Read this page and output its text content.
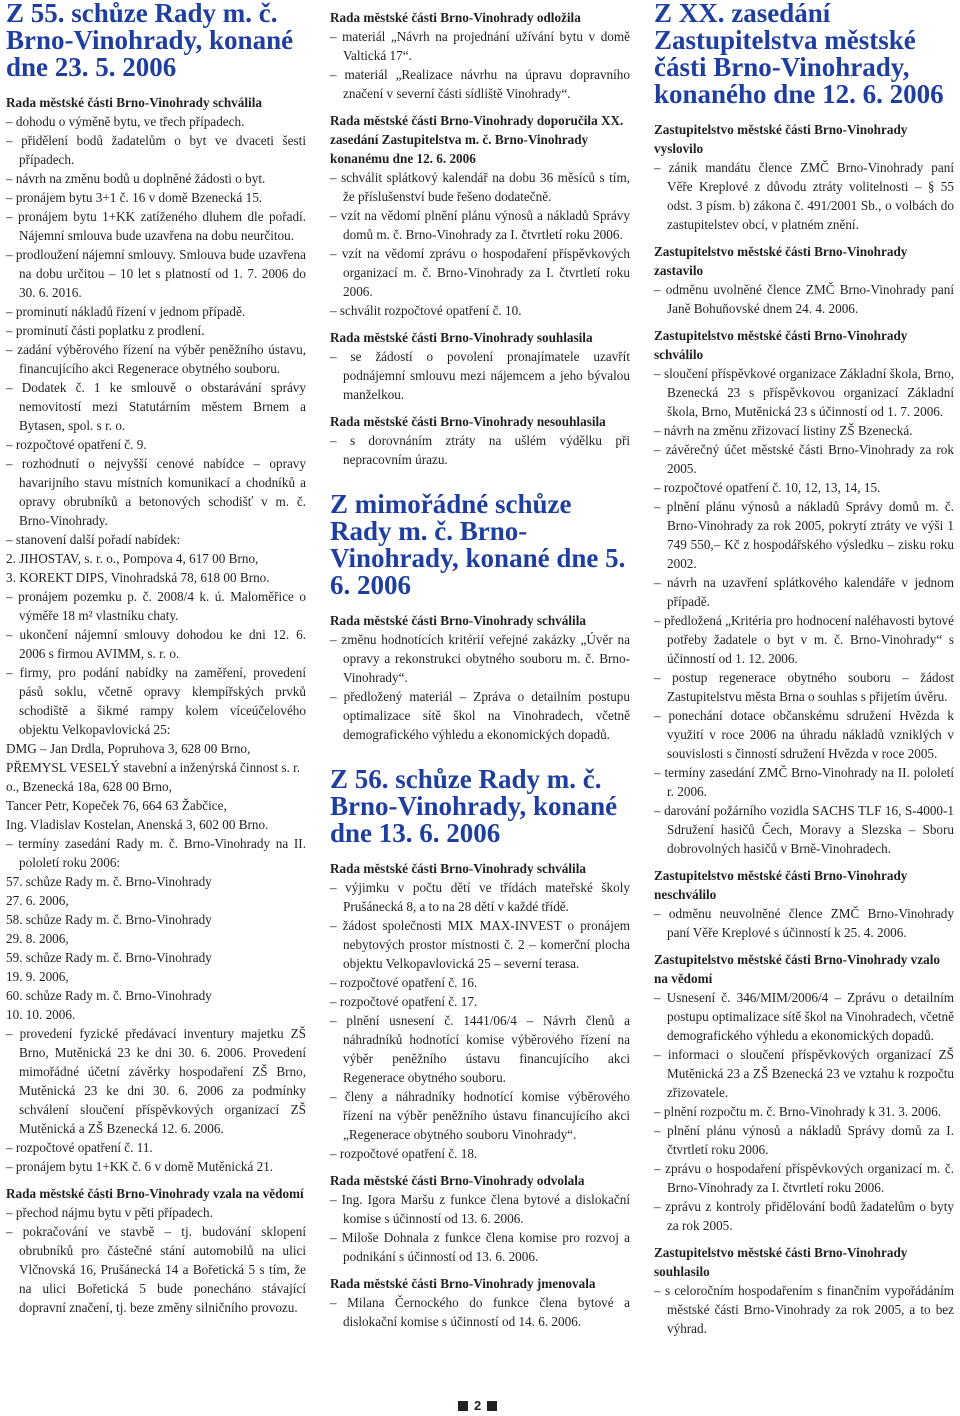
Z 55. schůze Rady m. č. Brno-Vinohrady, konané dne 23. 5. 2006
Rada městské části Brno-Vinohrady schválila
– dohodu o výměně bytu, ve třech případech.
– přidělení bodů žadatelům o byt ve dvaceti šesti případech.
– návrh na změnu bodů u doplněné žádosti o byt.
– pronájem bytu 3+1 č. 16 v domě Bzenecká 15.
– pronájem bytu 1+KK zatíženého dluhem dle pořadí. Nájemní smlouva bude uzavřena na dobu neurčitou.
– prodloužení nájemní smlouvy. Smlouva bude uzavřena na dobu určitou – 10 let s platností od 1. 7. 2006 do 30. 6. 2016.
– prominutí nákladů řízení v jednom případě.
– prominutí části poplatku z prodlení.
– zadání výběrového řízení na výběr peněžního ústavu, financujícího akci Regenerace obytného souboru.
– Dodatek č. 1 ke smlouvě o obstarávání správy nemovitostí mezi Statutárním městem Brnem a Bytasen, spol. s r. o.
– rozpočtové opatření č. 9.
– rozhodnutí o nejvyšší cenové nabídce – opravy havarijního stavu místních komunikací a chodníků a opravy obrubníků a betonových schodišť v m. č. Brno-Vinohrady.
– stanovení další pořadí nabídek:
2. JIHOSTAV, s. r. o., Pompova 4, 617 00 Brno,
3. KOREKT DIPS, Vinohradská 78, 618 00 Brno.
– pronájem pozemku p. č. 2008/4 k. ú. Maloměřice o výměře 18 m² vlastníku chaty.
– ukončení nájemní smlouvy dohodou ke dni 12. 6. 2006 s firmou AVIMM, s. r. o.
– firmy, pro podání nabídky na zaměření, provedení pásů soklu, včetně opravy klempířských prvků schodiště a šikmé rampy kolem víceúčelového objektu Velkopavlovická 25:
DMG – Jan Drdla, Popruhova 3, 628 00 Brno,
PŘEMYSL VESELÝ stavební a inženýrská činnost s. r. o., Bzenecká 18a, 628 00 Brno,
Tancer Petr, Kopeček 76, 664 63 Žabčice,
Ing. Vladislav Kostelan, Anenská 3, 602 00 Brno.
– termíny zasedání Rady m. č. Brno-Vinohrady na II. pololetí roku 2006:
57. schůze Rady m. č. Brno-Vinohrady
27. 6. 2006,
58. schůze Rady m. č. Brno-Vinohrady
29. 8. 2006,
59. schůze Rady m. č. Brno-Vinohrady
19. 9. 2006,
60. schůze Rady m. č. Brno-Vinohrady
10. 10. 2006.
– provedení fyzické předávací inventury majetku ZŠ Brno, Mutěnická 23 ke dni 30. 6. 2006. Provedení mimořádné účetní závěrky hospodaření ZŠ Brno, Mutěnická 23 ke dni 30. 6. 2006 za podmínky schválení sloučení příspěvkových organizací ZŠ Mutěnická a ZŠ Bzenecká 12. 6. 2006.
– rozpočtové opatření č. 11.
– pronájem bytu 1+KK č. 6 v domě Mutěnická 21.
Rada městské části Brno-Vinohrady vzala na vědomí
– přechod nájmu bytu v pěti případech.
– pokračování ve stavbě – tj. budování sklopení obrubníků pro částečné stání automobilů na ulici Vlčnovská 16, Prušánecká 14 a Bořetická 5 s tím, že na ulici Bořetická 5 bude ponecháno stávající dopravní značení, tj. beze změny silničního provozu.
Rada městské části Brno-Vinohrady odložila
– materiál „Návrh na projednání užívání bytu v domě Valtická 17“.
– materiál „Realizace návrhu na úpravu dopravního značení v severní části sídliště Vinohrady“.
Rada městské části Brno-Vinohrady doporučila XX. zasedání Zastupitelstva m. č. Brno-Vinohrady konanému dne 12. 6. 2006
– schválit splátkový kalendář na dobu 36 měsíců s tím, že příslušenství bude řešeno dodatečně.
– vzít na vědomí plnění plánu výnosů a nákladů Správy domů m. č. Brno-Vinohrady za I. čtvrtletí roku 2006.
– vzít na vědomí zprávu o hospodaření příspěvkových organizací m. č. Brno-Vinohrady za I. čtvrtletí roku 2006.
– schválit rozpočtové opatření č. 10.
Rada městské části Brno-Vinohrady souhlasila
– se žádostí o povolení pronajímatele uzavřít podnájemní smlouvu mezi nájemcem a jeho bývalou manželkou.
Rada městské části Brno-Vinohrady nesouhlasila
– s dorovnáním ztráty na ušlém výdělku při nepracovním úrazu.
Z mimořádné schůze Rady m. č. Brno-Vinohrady, konané dne 5. 6. 2006
Rada městské části Brno-Vinohrady schválila
– změnu hodnotících kritérií veřejné zakázky „Úvěr na opravy a rekonstrukci obytného souboru m. č. Brno-Vinohrady“.
– předložený materiál – Zpráva o detailním postupu optimalizace sítě škol na Vinohradech, včetně demografického výhledu a ekonomických dopadů.
Z 56. schůze Rady m. č. Brno-Vinohrady, konané dne 13. 6. 2006
Rada městské části Brno-Vinohrady schválila
– výjimku v počtu dětí ve třídách mateřské školy Prušánecká 8, a to na 28 dětí v každé třídě.
– žádost společnosti MIX MAX-INVEST o pronájem nebytových prostor místnosti č. 2 – komerční plocha objektu Velkopavlovická 25 – severní terasa.
– rozpočtové opatření č. 16.
– rozpočtové opatření č. 17.
– plnění usnesení č. 1441/06/4 – Návrh členů a náhradníků hodnotící komise výběrového řízení na výběr peněžního ústavu financujícího akci Regenerace obytného souboru.
– členy a náhradníky hodnotící komise výběrového řízení na výběr peněžního ústavu financujícího akci „Regenerace obytného souboru Vinohrady“.
– rozpočtové opatření č. 18.
Rada městské části Brno-Vinohrady odvolala
– Ing. Igora Maršu z funkce člena bytové a dislokační komise s účinností od 13. 6. 2006.
– Miloše Dohnala z funkce člena komise pro rozvoj a podnikání s účinností od 13. 6. 2006.
Rada městské části Brno-Vinohrady jmenovala
– Milana Černockého do funkce člena bytové a dislokační komise s účinností od 14. 6. 2006.
Z XX. zasedání Zastupitelstva městské části Brno-Vinohrady, konaného dne 12. 6. 2006
Zastupitelstvo městské části Brno-Vinohrady vyslovilo
– zánik mandátu člence ZMČ Brno-Vinohrady paní Věře Kreplové z důvodu ztráty volitelnosti – § 55 odst. 3 písm. b) zákona č. 491/2001 Sb., o volbách do zastupitelstev obcí, v platném znění.
Zastupitelstvo městské části Brno-Vinohrady zastavilo
– odměnu uvolněné člence ZMČ Brno-Vinohrady paní Janě Bohuňovské dnem 24. 4. 2006.
Zastupitelstvo městské části Brno-Vinohrady schválilo
– sloučení příspěvkové organizace Základní škola, Brno, Bzenecká 23 s příspěvkovou organizací Základní škola, Brno, Mutěnická 23 s účinností od 1. 7. 2006.
– návrh na změnu zřizovací listiny ZŠ Bzenecká.
– závěrečný účet městské části Brno-Vinohrady za rok 2005.
– rozpočtové opatření č. 10, 12, 13, 14, 15.
– plnění plánu výnosů a nákladů Správy domů m. č. Brno-Vinohrady za rok 2005, pokrytí ztráty ve výši 1 749 550,– Kč z hospodářského výsledku – zisku roku 2002.
– návrh na uzavření splátkového kalendáře v jednom případě.
– předložená „Kritéria pro hodnocení naléhavosti bytové potřeby žadatele o byt v m. č. Brno-Vinohrady“ s účinností od 1. 12. 2006.
– postup regenerace obytného souboru – žádost Zastupitelstvu města Brna o souhlas s přijetím úvěru.
– ponechání dotace občanskému sdružení Hvězda k využití v roce 2006 na úhradu nákladů vzniklých v souvislosti s činností sdružení Hvězda v roce 2005.
– termíny zasedání ZMČ Brno-Vinohrady na II. pololetí r. 2006.
– darování požárního vozidla SACHS TLF 16, S-4000-1 Sdružení hasičů Čech, Moravy a Slezska – Sboru dobrovolných hasičů v Brně-Vinohradech.
Zastupitelstvo městské části Brno-Vinohrady neschválilo
– odměnu neuvolněné člence ZMČ Brno-Vinohrady paní Věře Kreplové s účinností k 25. 4. 2006.
Zastupitelstvo městské části Brno-Vinohrady vzalo na vědomí
– Usnesení č. 346/MIM/2006/4 – Zprávu o detailním postupu optimalizace sítě škol na Vinohradech, včetně demografického výhledu a ekonomických dopadů.
– informaci o sloučení příspěvkových organizací ZŠ Mutěnická 23 a ZŠ Bzenecká 23 ve vztahu k rozpočtu zřizovatele.
– plnění rozpočtu m. č. Brno-Vinohrady k 31. 3. 2006.
– plnění plánu výnosů a nákladů Správy domů za I. čtvrtletí roku 2006.
– zprávu o hospodaření příspěvkových organizací m. č. Brno-Vinohrady za I. čtvrtletí roku 2006.
– zprávu z kontroly přidělování bodů žadatelům o byty za rok 2005.
Zastupitelstvo městské části Brno-Vinohrady souhlasilo
– s celoročním hospodařením s finančním vypořádáním městské části Brno-Vinohrady za rok 2005, a to bez výhrad.
2
